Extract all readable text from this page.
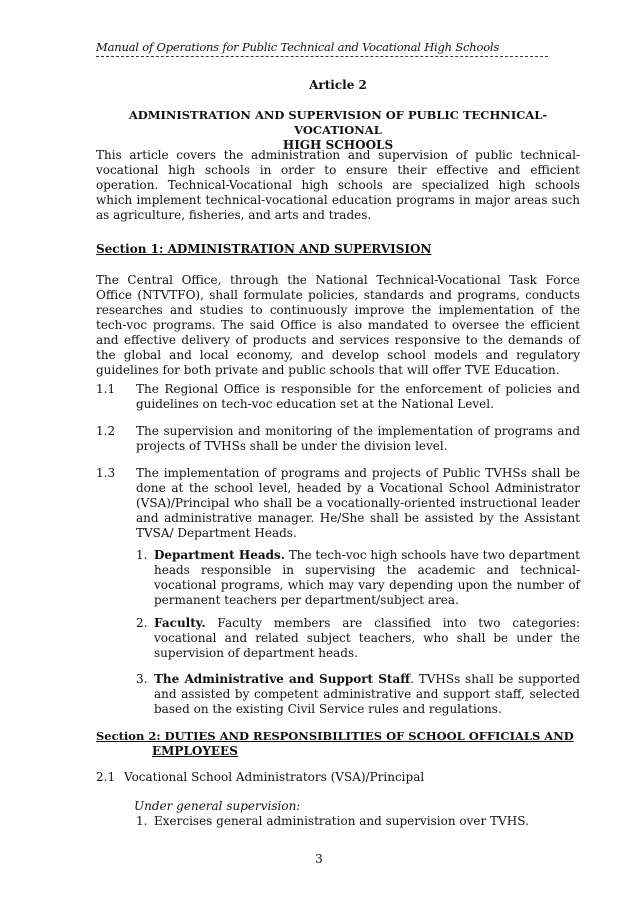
Manual of Operations for Public Technical and Vocational High Schools
Article 2
ADMINISTRATION AND SUPERVISION OF PUBLIC TECHNICAL-VOCATIONAL
HIGH SCHOOLS
This article covers the administration and supervision of public technical-vocational high schools in order to ensure their effective and efficient operation. Technical-Vocational high schools are specialized high schools which implement technical-vocational education programs in major areas such as agriculture, fisheries, and arts and trades.
Section 1: ADMINISTRATION AND SUPERVISION
The Central Office, through the National Technical-Vocational Task Force Office (NTVTFO), shall formulate policies, standards and programs, conducts researches and studies to continuously improve the implementation of the tech-voc programs. The said Office is also mandated to oversee the efficient and effective delivery of products and services responsive to the demands of the global and local economy, and develop school models and regulatory guidelines for both private and public schools that will offer TVE Education.
1.1 The Regional Office is responsible for the enforcement of policies and guidelines on tech-voc education set at the National Level.
1.2 The supervision and monitoring of the implementation of programs and projects of TVHSs shall be under the division level.
1.3 The implementation of programs and projects of Public TVHSs shall be done at the school level, headed by a Vocational School Administrator (VSA)/Principal who shall be a vocationally-oriented instructional leader and administrative manager. He/She shall be assisted by the Assistant TVSA/ Department Heads.
1. Department Heads. The tech-voc high schools have two department heads responsible in supervising the academic and technical-vocational programs, which may vary depending upon the number of permanent teachers per department/subject area.
2. Faculty. Faculty members are classified into two categories: vocational and related subject teachers, who shall be under the supervision of department heads.
3. The Administrative and Support Staff. TVHSs shall be supported and assisted by competent administrative and support staff, selected based on the existing Civil Service rules and regulations.
Section 2: DUTIES AND RESPONSIBILITIES OF SCHOOL OFFICIALS AND
EMPLOYEES
2.1 Vocational School Administrators (VSA)/Principal
Under general supervision:
1. Exercises general administration and supervision over TVHS.
3
